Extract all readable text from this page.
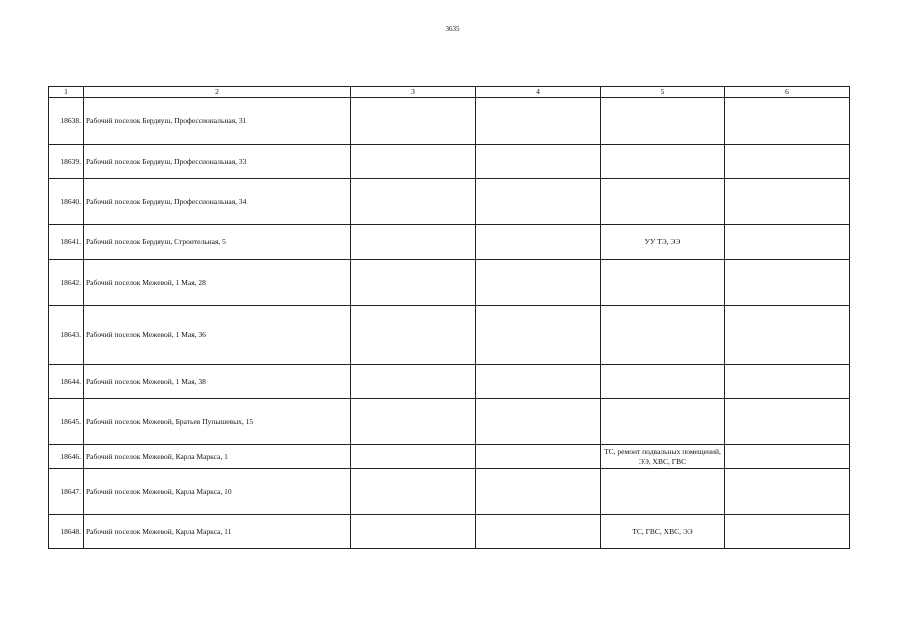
3635
1	2	3	4	5	6
18638.	Рабочий поселок Бердяуш, Профессиональная, 31				
18639.	Рабочий поселок Бердяуш, Профессиональная, 33				
18640.	Рабочий поселок Бердяуш, Профессиональная, 34				
18641.	Рабочий поселок Бердяуш, Строительная, 5			УУ ТЭ, ЭЭ	
18642.	Рабочий поселок Межевой, 1 Мая, 28				
18643.	Рабочий поселок Межевой, 1 Мая, 36				
18644.	Рабочий поселок Межевой, 1 Мая, 38				
18645.	Рабочий поселок Межевой, Братьев Пупышевых, 15				
18646.	Рабочий поселок Межевой, Карла Маркса, 1			ТС, ремонт подвальных помещений, ЭЭ, ХВС, ГВС	
18647.	Рабочий поселок Межевой, Карла Маркса, 10				
18648.	Рабочий поселок Межевой, Карла Маркса, 11			ТС, ГВС, ХВС, ЭЭ	
